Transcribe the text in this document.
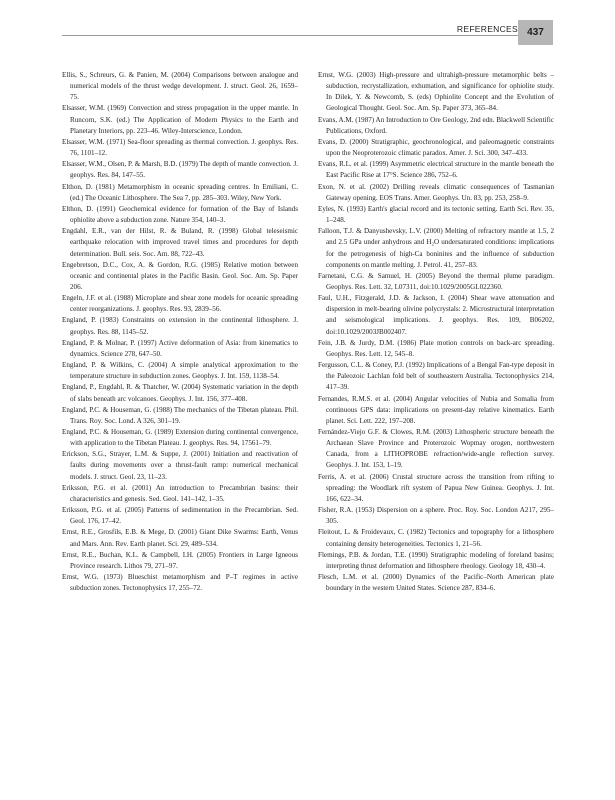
REFERENCES 437

Ellis, S., Schreurs, G. & Panien, M. (2004) Comparisons between analogue and numerical models of the thrust wedge development. J. struct. Geol. 26, 1659–75.

Elsasser, W.M. (1969) Convection and stress propagation in the upper mantle. In Runcorn, S.K. (ed.) The Application of Modern Physics to the Earth and Planetary Interiors, pp. 223–46. Wiley-Interscience, London.

Elsasser, W.M. (1971) Sea-floor spreading as thermal convection. J. geophys. Res. 76, 1101–12.

Elsasser, W.M., Olsen, P. & Marsh, B.D. (1979) The depth of mantle convection. J. geophys. Res. 84, 147–55.

Elthon, D. (1981) Metamorphism in oceanic spreading centres. In Emiliani, C. (ed.) The Oceanic Lithosphere. The Sea 7, pp. 285–303. Wiley, New York.

Elthon, D. (1991) Geochemical evidence for formation of the Bay of Islands ophiolite above a subduction zone. Nature 354, 140–3.

Engdahl, E.R., van der Hilst, R. & Buland, R. (1998) Global teleseismic earthquake relocation with improved travel times and procedures for depth determination. Bull. seis. Soc. Am. 88, 722–43.

Engebretson, D.C., Cox, A. & Gordon, R.G. (1985) Relative motion between oceanic and continental plates in the Pacific Basin. Geol. Soc. Am. Sp. Paper 206.

Engeln, J.F. et al. (1988) Microplate and shear zone models for oceanic spreading center reorganizations. J. geophys. Res. 93, 2839–56.

England, P. (1983) Constraints on extension in the continental lithosphere. J. geophys. Res. 88, 1145–52.

England, P. & Molnar, P. (1997) Active deformation of Asia: from kinematics to dynamics. Science 278, 647–50.

England, P. & Wilkins, C. (2004) A simple analytical approximation to the temperature structure in subduction zones. Geophys. J. Int. 159, 1138–54.

England, P., Engdahl, R. & Thatcher, W. (2004) Systematic variation in the depth of slabs beneath arc volcanoes. Geophys. J. Int. 156, 377–408.

England, P.C. & Houseman, G. (1988) The mechanics of the Tibetan plateau. Phil. Trans. Roy. Soc. Lond. A 326, 301–19.

England, P.C. & Houseman, G. (1989) Extension during continental convergence, with application to the Tibetan Plateau. J. geophys. Res. 94, 17561–79.

Erickson, S.G., Strayer, L.M. & Suppe, J. (2001) Initiation and reactivation of faults during movements over a thrust-fault ramp: numerical mechanical models. J. struct. Geol. 23, 11–23.

Eriksson, P.G. et al. (2001) An introduction to Precambrian basins: their characteristics and genesis. Sed. Geol. 141–142, 1–35.

Eriksson, P.G. et al. (2005) Patterns of sedimentation in the Precambrian. Sed. Geol. 176, 17–42.

Ernst, R.E., Grosfils, E.B. & Mege, D. (2001) Giant Dike Swarms: Earth, Venus and Mars. Ann. Rev. Earth planet. Sci. 29, 489–534.

Ernst, R.E., Buchan, K.L. & Campbell, I.H. (2005) Frontiers in Large Igneous Province research. Lithos 79, 271–97.

Ernst, W.G. (1973) Blueschist metamorphism and P–T regimes in active subduction zones. Tectonophysics 17, 255–72.

Ernst, W.G. (2003) High-pressure and ultrahigh-pressure metamorphic belts – subduction, recrystallization, exhumation, and significance for ophiolite study. In Dilek, Y. & Newcomb, S. (eds) Ophiolite Concept and the Evolution of Geological Thought. Geol. Soc. Am. Sp. Paper 373, 365–84.

Evans, A.M. (1987) An Introduction to Ore Geology, 2nd edn. Blackwell Scientific Publications, Oxford.

Evans, D. (2000) Stratigraphic, geochronological, and paleomagnetic constraints upon the Neoproterozoic climatic paradox. Amer. J. Sci. 300, 347–433.

Evans, R.L. et al. (1999) Asymmetric electrical structure in the mantle beneath the East Pacific Rise at 17°S. Science 286, 752–6.

Exon, N. et al. (2002) Drilling reveals climatic consequences of Tasmanian Gateway opening. EOS Trans. Amer. Geophys. Un. 83, pp. 253, 258–9.

Eyles, N. (1993) Earth's glacial record and its tectonic setting. Earth Sci. Rev. 35, 1–248.

Falloon, T.J. & Danyushevsky, L.V. (2000) Melting of refractory mantle at 1.5, 2 and 2.5 GPa under anhydrous and H₂O undersaturated conditions: implications for the petrogenesis of high-Ca boninites and the influence of subduction components on mantle melting. J. Petrol. 41, 257–83.

Farnetani, C.G. & Samuel, H. (2005) Beyond the thermal plume paradigm. Geophys. Res. Lett. 32, L07311, doi:10.1029/2005GL022360.

Faul, U.H., Fitzgerald, J.D. & Jackson, I. (2004) Shear wave attenuation and dispersion in melt-bearing olivine polycrystals: 2. Microstructural interpretation and seismological implications. J. geophys. Res. 109, B06202, doi:10.1029/2003JB002407.

Fein, J.B. & Jurdy, D.M. (1986) Plate motion controls on back-arc spreading. Geophys. Res. Lett. 12, 545–8.

Fergusson, C.L. & Coney, P.J. (1992) Implications of a Bengal Fan-type deposit in the Paleozoic Lachlan fold belt of southeastern Australia. Tectonophysics 214, 417–39.

Fernandes, R.M.S. et al. (2004) Angular velocities of Nubia and Somalia from continuous GPS data: implications on present-day relative kinematics. Earth planet. Sci. Lett. 222, 197–208.

Fernández-Viejo G.F. & Clowes, R.M. (2003) Lithospheric structure beneath the Archaean Slave Province and Proterozoic Wopmay orogen, northwestern Canada, from a LITHOPROBE refraction/wide-angle reflection survey. Geophys. J. Int. 153, 1–19.

Ferris, A. et al. (2006) Crustal structure across the transition from rifting to spreading: the Woodlark rift system of Papua New Guinea. Geophys. J. Int. 166, 622–34.

Fisher, R.A. (1953) Dispersion on a sphere. Proc. Roy. Soc. London A217, 295–305.

Fleitout, L. & Froidevaux, C. (1982) Tectonics and topography for a lithosphere containing density heterogeneities. Tectonics 1, 21–56.

Flemings, P.B. & Jordan, T.E. (1990) Stratigraphic modeling of foreland basins; interpreting thrust deformation and lithosphere rheology. Geology 18, 430–4.

Flesch, L.M. et al. (2000) Dynamics of the Pacific–North American plate boundary in the western United States. Science 287, 834–6.
